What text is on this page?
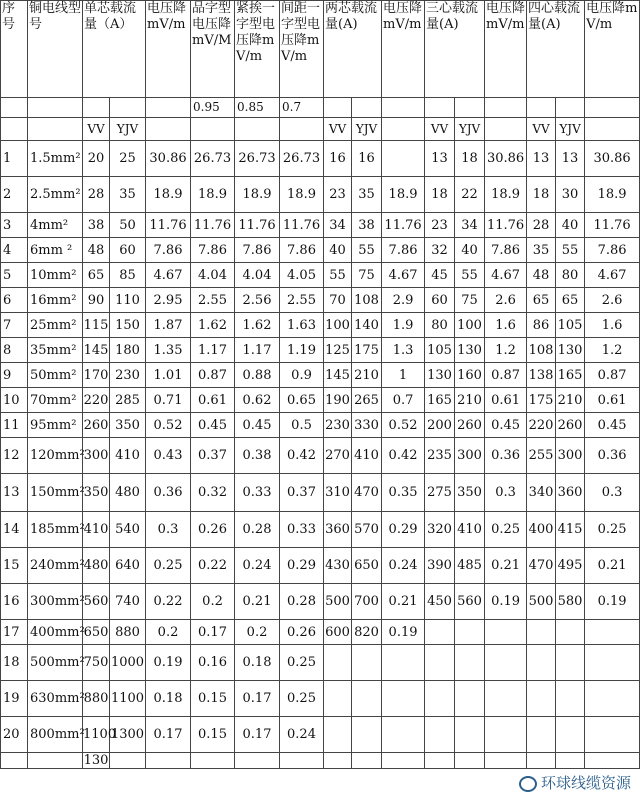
序号	铜电线型号	单芯载流量（A）		电压降mV/m	品字型电压降mV/M	紧挨一字型电压降mV/m	间距一字型电压降mV/m	两芯载流量(A)		电压降mV/m	三心载流量(A)		电压降mV/m	四心载流量(A)		电压降mV/m
					0.95	0.85	0.7									
		VV	YJV					VV	YJV		VV	YJV		VV	YJV	
1	1.5mm²	20	25	30.86	26.73	26.73	26.73	16	16		13	18	30.86	13	13	30.86
2	2.5mm²	28	35	18.9	18.9	18.9	18.9	23	35	18.9	18	22	18.9	18	30	18.9
3	4mm²	38	50	11.76	11.76	11.76	11.76	34	38	11.76	23	34	11.76	28	40	11.76
4	6mm ²	48	60	7.86	7.86	7.86	7.86	40	55	7.86	32	40	7.86	35	55	7.86
5	10mm²	65	85	4.67	4.04	4.04	4.05	55	75	4.67	45	55	4.67	48	80	4.67
6	16mm²	90	110	2.95	2.55	2.56	2.55	70	108	2.9	60	75	2.6	65	65	2.6
7	25mm²	115	150	1.87	1.62	1.62	1.63	100	140	1.9	80	100	1.6	86	105	1.6
8	35mm²	145	180	1.35	1.17	1.17	1.19	125	175	1.3	105	130	1.2	108	130	1.2
9	50mm²	170	230	1.01	0.87	0.88	0.9	145	210	1	130	160	0.87	138	165	0.87
10	70mm²	220	285	0.71	0.61	0.62	0.65	190	265	0.7	165	210	0.61	175	210	0.61
11	95mm²	260	350	0.52	0.45	0.45	0.5	230	330	0.52	200	260	0.45	220	260	0.45
12	120mm²	300	410	0.43	0.37	0.38	0.42	270	410	0.42	235	300	0.36	255	300	0.36
13	150mm²	350	480	0.36	0.32	0.33	0.37	310	470	0.35	275	350	0.3	340	360	0.3
14	185mm²	410	540	0.3	0.26	0.28	0.33	360	570	0.29	320	410	0.25	400	415	0.25
15	240mm²	480	640	0.25	0.22	0.24	0.29	430	650	0.24	390	485	0.21	470	495	0.21
16	300mm²	560	740	0.22	0.2	0.21	0.28	500	700	0.21	450	560	0.19	500	580	0.19
17	400mm²	650	880	0.2	0.17	0.2	0.26	600	820	0.19						
18	500mm²	750	1000	0.19	0.16	0.18	0.25									
19	630mm²	880	1100	0.18	0.15	0.17	0.25									
20	800mm²	1100	1300	0.17	0.15	0.17	0.24									
		130														
环球线缆资源
